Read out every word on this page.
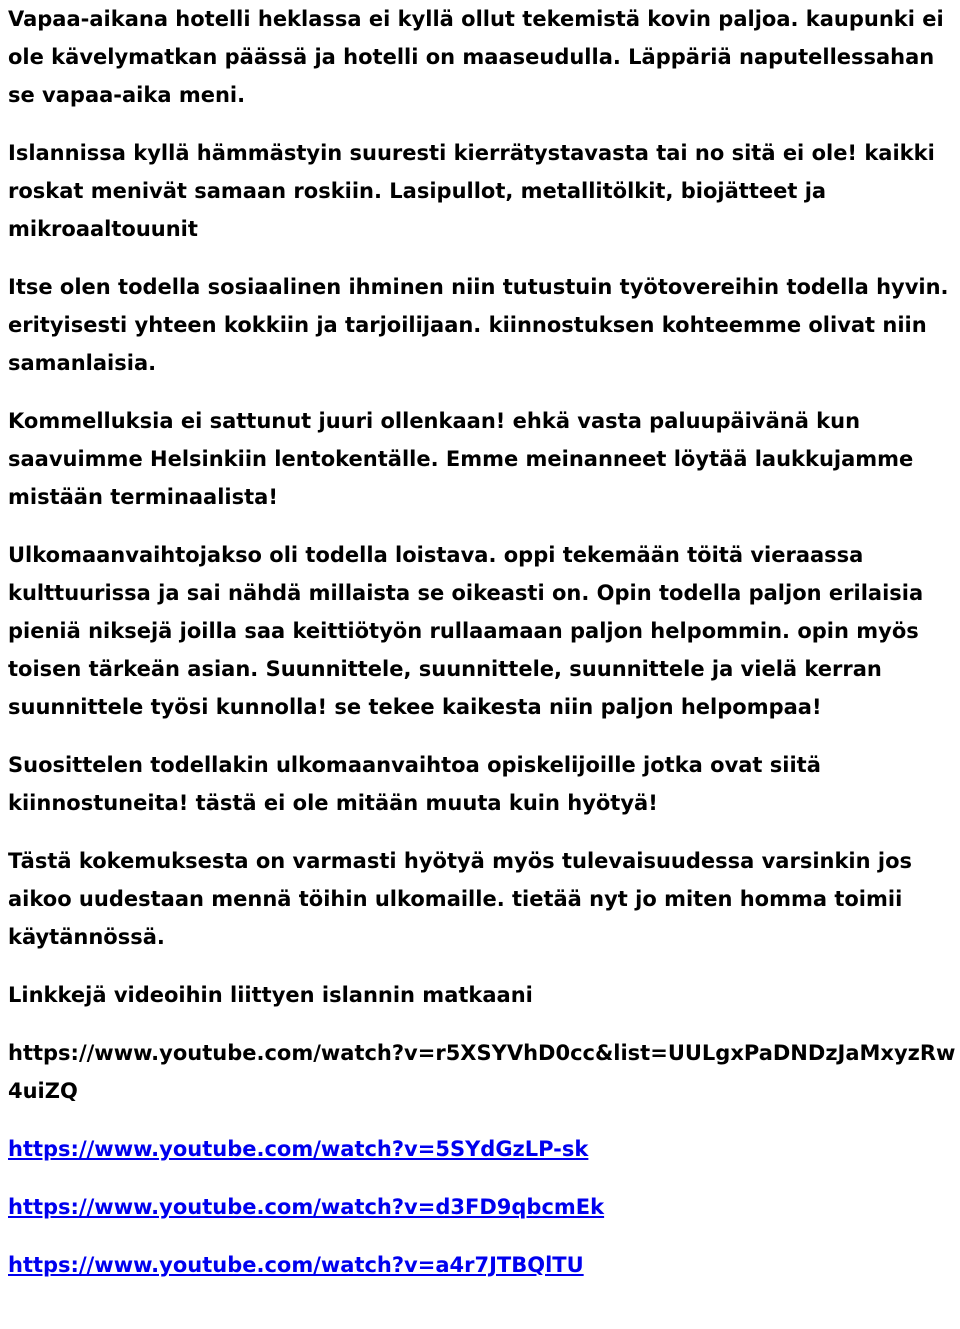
Vapaa-aikana hotelli heklassa ei kyllä ollut tekemistä kovin paljoa. kaupunki ei ole kävelymatkan päässä ja hotelli on maaseudulla. Läppäriä naputellessahan se vapaa-aika meni.

Islannissa kyllä hämmästyin suuresti kierrätystavasta tai no sitä ei ole! kaikki roskat menivät samaan roskiin. Lasipullot, metallitölkit, biojätteet ja mikroaaltouunit

Itse olen todella sosiaalinen ihminen niin tutustuin työtovereihin todella hyvin. erityisesti yhteen kokkiin ja tarjoilijaan. kiinnostuksen kohteemme olivat niin samanlaisia.

Kommelluksia ei sattunut juuri ollenkaan! ehkä vasta paluupäivänä kun saavuimme Helsinkiin lentokentälle. Emme meinanneet löytää laukkujamme mistään terminaalista!

Ulkomaanvaihtojakso oli todella loistava. oppi tekemään töitä vieraassa kulttuurissa ja sai nähdä millaista se oikeasti on. Opin todella paljon erilaisia pieniä niksejä joilla saa keittiötyön rullaamaan paljon helpommin. opin myös toisen tärkeän asian. Suunnittele, suunnittele, suunnittele ja vielä kerran suunnittele työsi kunnolla! se tekee kaikesta niin paljon helpompaa!

Suosittelen todellakin ulkomaanvaihtoa opiskelijoille jotka ovat siitä kiinnostuneita! tästä ei ole mitään muuta kuin hyötyä!

Tästä kokemuksesta on varmasti hyötyä myös tulevaisuudessa varsinkin jos aikoo uudestaan mennä töihin ulkomaille. tietää nyt jo miten homma toimii käytännössä.

Linkkejä videoihin liittyen islannin matkaani

https://www.youtube.com/watch?v=r5XSYVhD0cc&list=UULgxPaDNDzJaMxyzRw4uiZQ

https://www.youtube.com/watch?v=5SYdGzLP-sk
https://www.youtube.com/watch?v=d3FD9qbcmEk
https://www.youtube.com/watch?v=a4r7JTBQlTU
